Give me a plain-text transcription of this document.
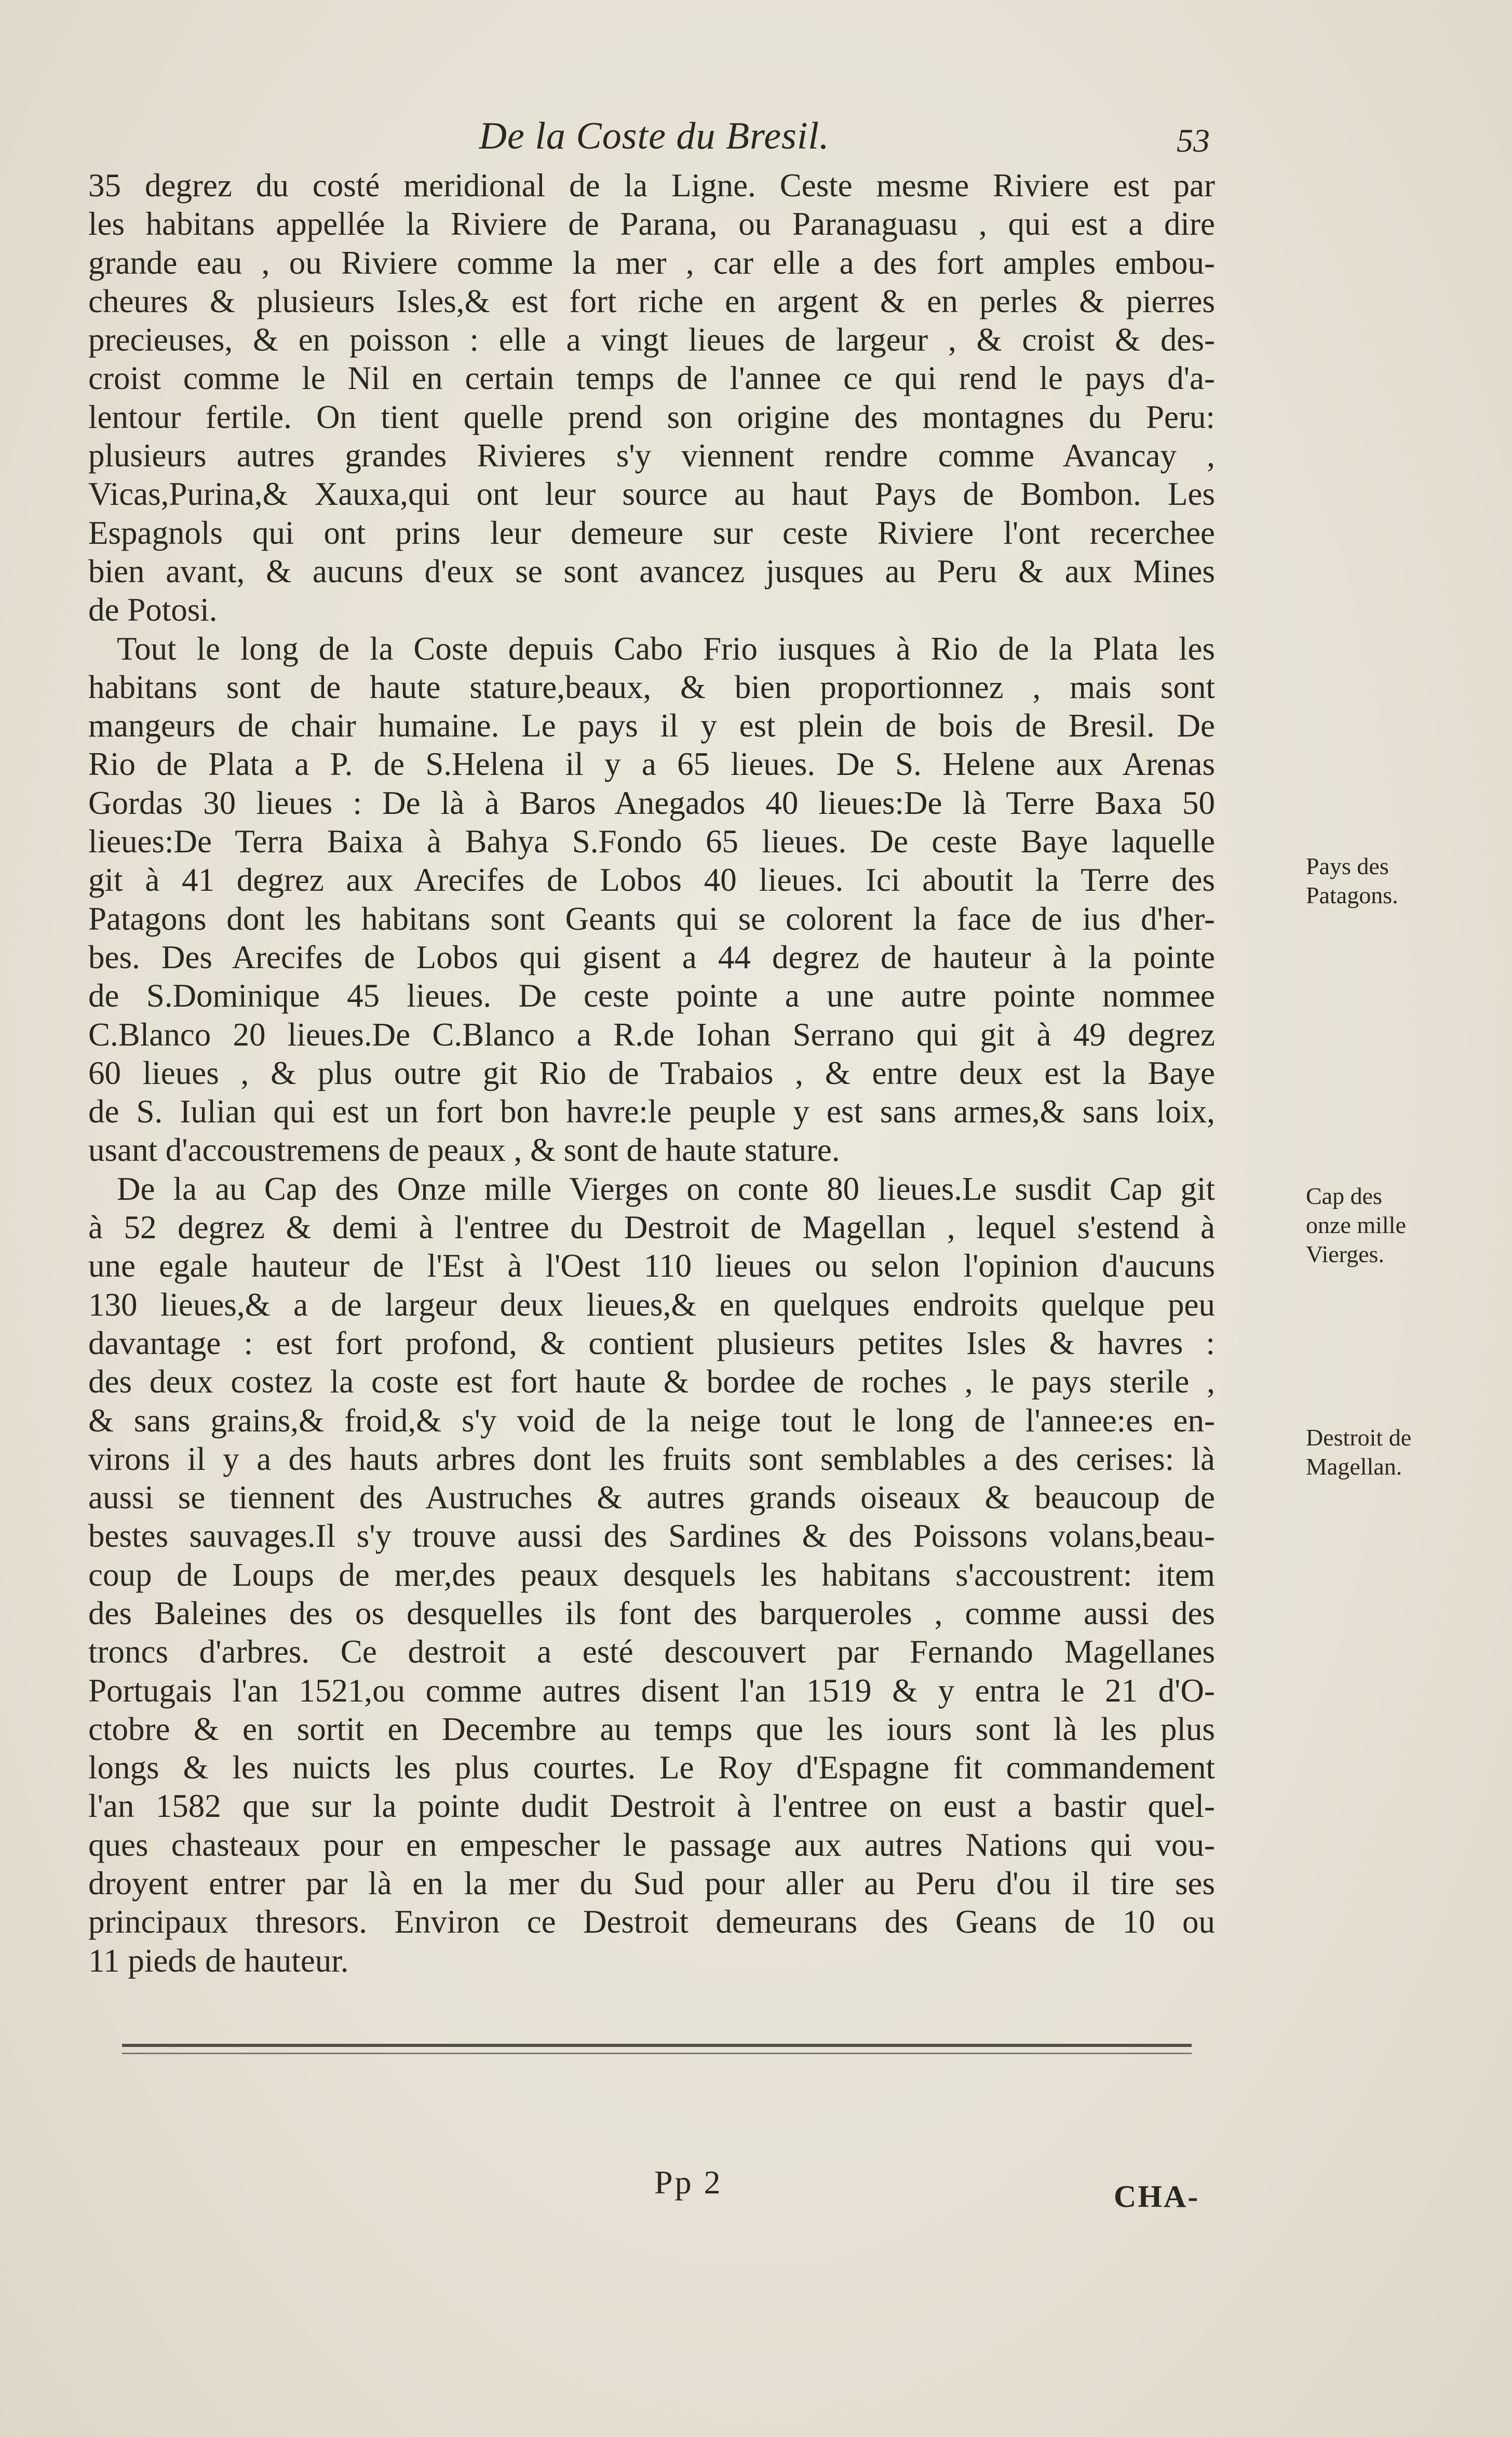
De la Coste du Bresil.	53
35 degrez du costé meridional de la Ligne. Ceste mesme Riviere est par
les habitans appellée la Riviere de Parana, ou Paranaguasu , qui est a dire
grande eau , ou Riviere comme la mer , car elle a des fort amples embou-
cheures & plusieurs Isles,& est fort riche en argent & en perles & pierres
precieuses, & en poisson : elle a vingt lieues de largeur , & croist & des-
croist comme le Nil en certain temps de l'annee ce qui rend le pays d'a-
lentour fertile. On tient quelle prend son origine des montagnes du Peru:
plusieurs autres grandes Rivieres s'y viennent rendre comme Avancay ,
Vicas,Purina,& Xauxa,qui ont leur source au haut Pays de Bombon. Les
Espagnols qui ont prins leur demeure sur ceste Riviere l'ont recerchee
bien avant, & aucuns d'eux se sont avancez jusques au Peru & aux Mines
de Potosi.
Tout le long de la Coste depuis Cabo Frio iusques à Rio de la Plata les
habitans sont de haute stature,beaux, & bien proportionnez , mais sont
mangeurs de chair humaine. Le pays il y est plein de bois de Bresil. De
Rio de Plata a P. de S.Helena il y a 65 lieues. De S. Helene aux Arenas
Gordas 30 lieues : De là à Baros Anegados 40 lieues:De là Terre Baxa 50
lieues:De Terra Baixa à Bahya S.Fondo 65 lieues. De ceste Baye laquelle
git à 41 degrez aux Arecifes de Lobos 40 lieues. Ici aboutit la Terre des
Patagons dont les habitans sont Geants qui se colorent la face de ius d'her-
bes. Des Arecifes de Lobos qui gisent a 44 degrez de hauteur à la pointe
de S.Dominique 45 lieues. De ceste pointe a une autre pointe nommee
C.Blanco 20 lieues.De C.Blanco a R.de Iohan Serrano qui git à 49 degrez
60 lieues , & plus outre git Rio de Trabaios , & entre deux est la Baye
de S. Iulian qui est un fort bon havre:le peuple y est sans armes,& sans loix,
usant d'accoustremens de peaux , & sont de haute stature.
De la au Cap des Onze mille Vierges on conte 80 lieues.Le susdit Cap git
à 52 degrez & demi à l'entree du Destroit de Magellan , lequel s'estend à
une egale hauteur de l'Est à l'Oest 110 lieues ou selon l'opinion d'aucuns
130 lieues,& a de largeur deux lieues,& en quelques endroits quelque peu
davantage : est fort profond, & contient plusieurs petites Isles & havres :
des deux costez la coste est fort haute & bordee de roches , le pays sterile ,
& sans grains,& froid,& s'y void de la neige tout le long de l'annee:es en-
virons il y a des hauts arbres dont les fruits sont semblables a des cerises: là
aussi se tiennent des Austruches & autres grands oiseaux & beaucoup de
bestes sauvages.Il s'y trouve aussi des Sardines & des Poissons volans,beau-
coup de Loups de mer,des peaux desquels les habitans s'accoustrent: item
des Baleines des os desquelles ils font des barqueroles , comme aussi des
troncs d'arbres. Ce destroit a esté descouvert par Fernando Magellanes
Portugais l'an 1521,ou comme autres disent l'an 1519 & y entra le 21 d'O-
ctobre & en sortit en Decembre au temps que les iours sont là les plus
longs & les nuicts les plus courtes. Le Roy d'Espagne fit commandement
l'an 1582 que sur la pointe dudit Destroit à l'entree on eust a bastir quel-
ques chasteaux pour en empescher le passage aux autres Nations qui vou-
droyent entrer par là en la mer du Sud pour aller au Peru d'ou il tire ses
principaux thresors. Environ ce Destroit demeurans des Geans de 10 ou
11 pieds de hauteur.
Pays des
Patagons.
Cap des
onze mille
Vierges.
Destroit de
Magellan.
Pp 2	CHA-
